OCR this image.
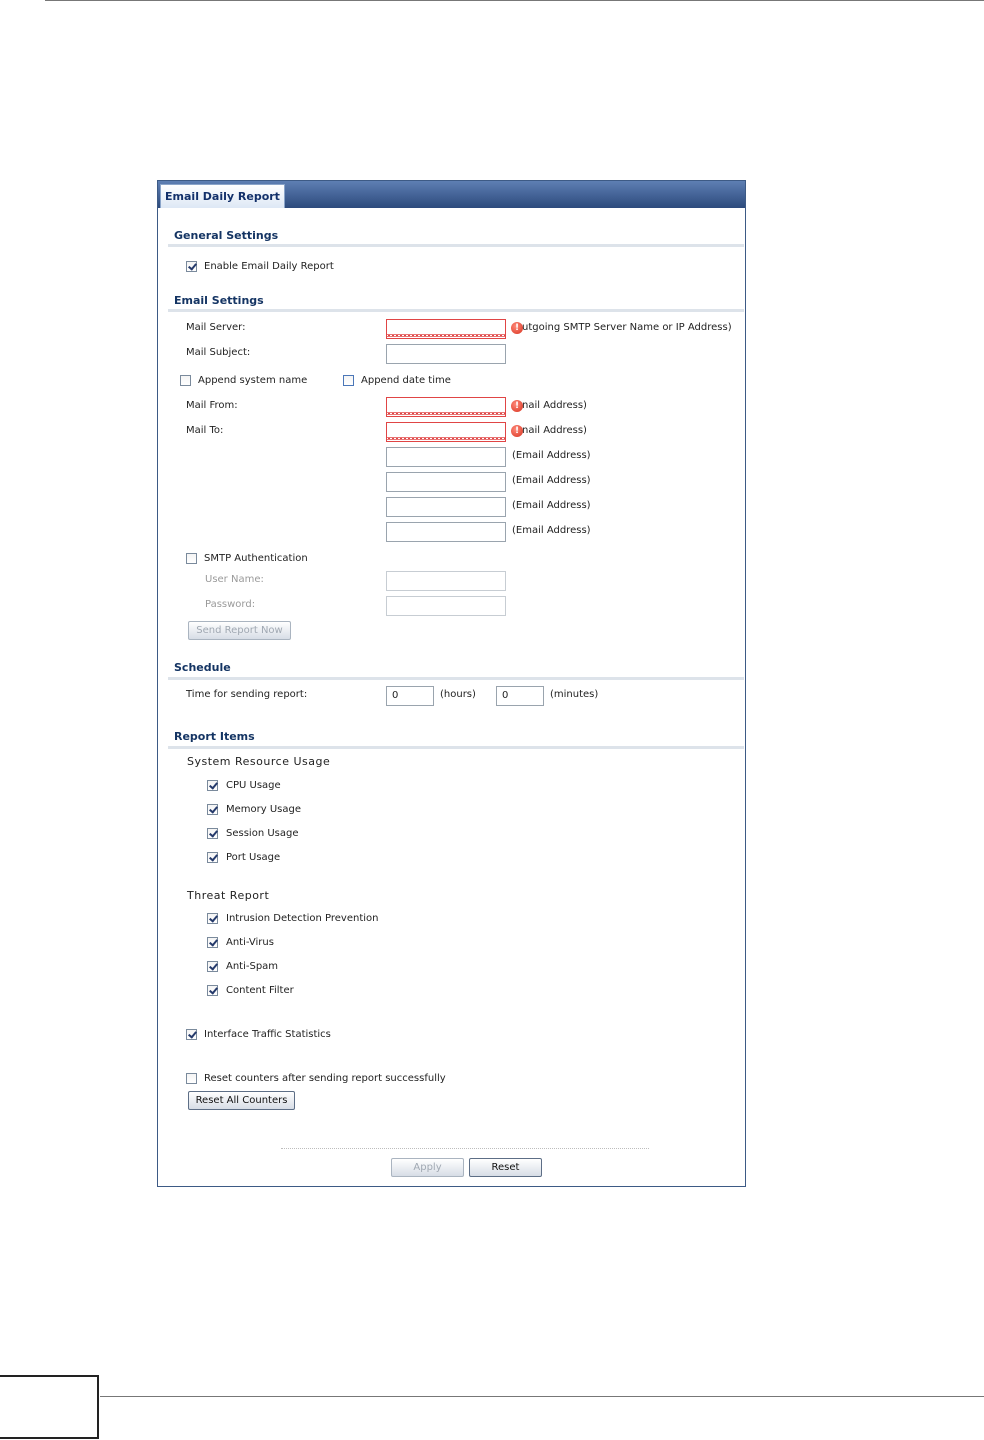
Email Daily Report
General Settings
Enable Email Daily Report
Email Settings
Mail Server:	! utgoing SMTP Server Name or IP Address)
Mail Subject:
Append system name	Append date time
Mail From:	! nail Address)
Mail To:	! nail Address)
(Email Address)
(Email Address)
(Email Address)
(Email Address)
SMTP Authentication
User Name:
Password:
Send Report Now
Schedule
Time for sending report:	0	(hours)	0	(minutes)
Report Items
System Resource Usage
CPU Usage
Memory Usage
Session Usage
Port Usage
Threat Report
Intrusion Detection Prevention
Anti-Virus
Anti-Spam
Content Filter
Interface Traffic Statistics
Reset counters after sending report successfully
Reset All Counters
Apply	Reset
